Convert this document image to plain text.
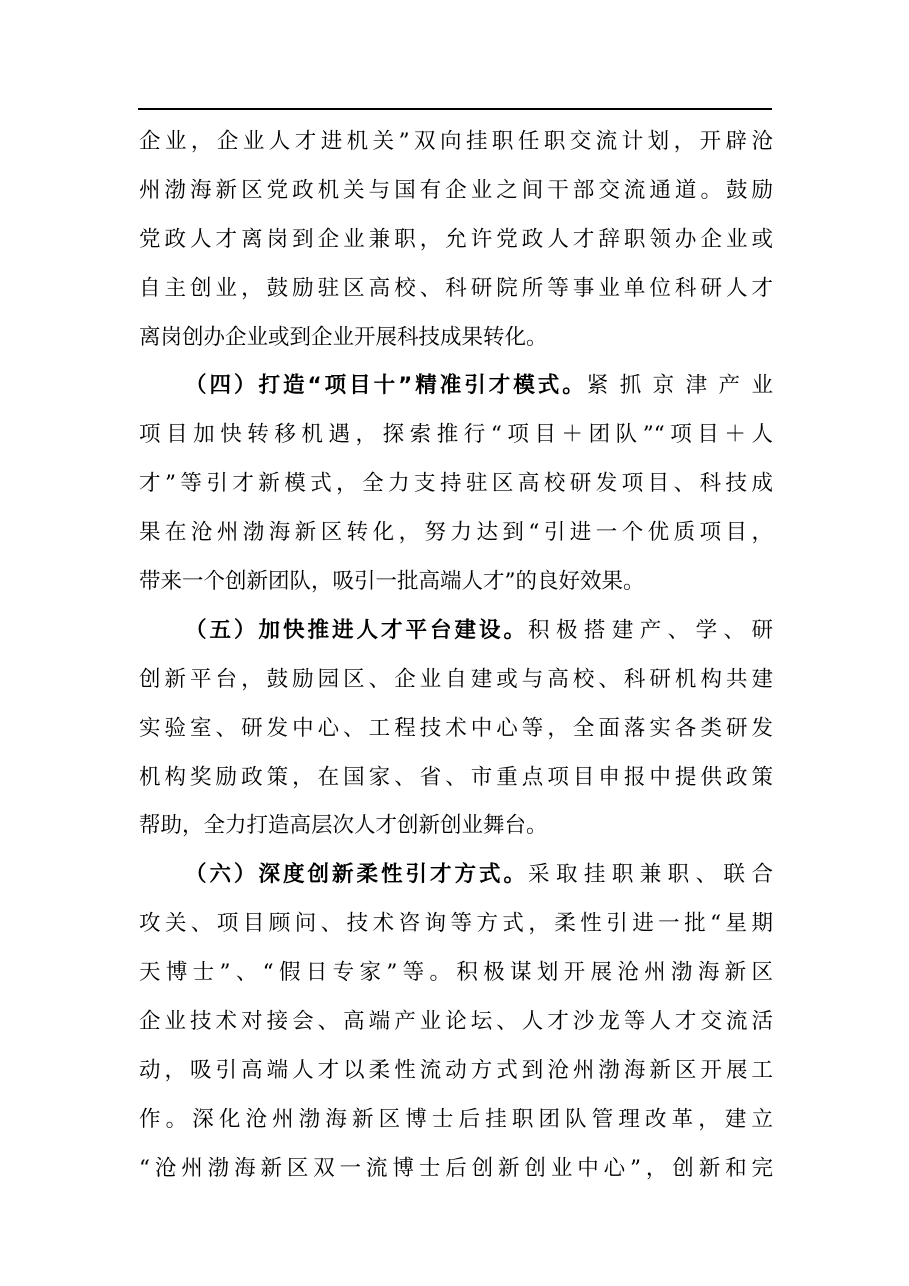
企业，企业人才进机关”双向挂职任职交流计划，开辟沧
州渤海新区党政机关与国有企业之间干部交流通道。鼓励
党政人才离岗到企业兼职，允许党政人才辞职领办企业或
自主创业，鼓励驻区高校、科研院所等事业单位科研人才
离岗创办企业或到企业开展科技成果转化。
（四）打造“项目十”精准引才模式。 紧抓京津产业
项目加快转移机遇，探索推行“项目＋团队”“项目＋人
才”等引才新模式，全力支持驻区高校研发项目、科技成
果在沧州渤海新区转化，努力达到“引进一个优质项目，
带来一个创新团队，吸引一批高端人才”的良好效果。
（五）加快推进人才平台建设。 积极搭建产、学、研
创新平台，鼓励园区、企业自建或与高校、科研机构共建
实验室、研发中心、工程技术中心等，全面落实各类研发
机构奖励政策，在国家、省、市重点项目申报中提供政策
帮助，全力打造高层次人才创新创业舞台。
（六）深度创新柔性引才方式。 采取挂职兼职、联合
攻关、项目顾问、技术咨询等方式，柔性引进一批“星期
天博士”、“假日专家”等。积极谋划开展沧州渤海新区
企业技术对接会、高端产业论坛、人才沙龙等人才交流活
动，吸引高端人才以柔性流动方式到沧州渤海新区开展工
作。深化沧州渤海新区博士后挂职团队管理改革，建立
“沧州渤海新区双一流博士后创新创业中心”，创新和完
